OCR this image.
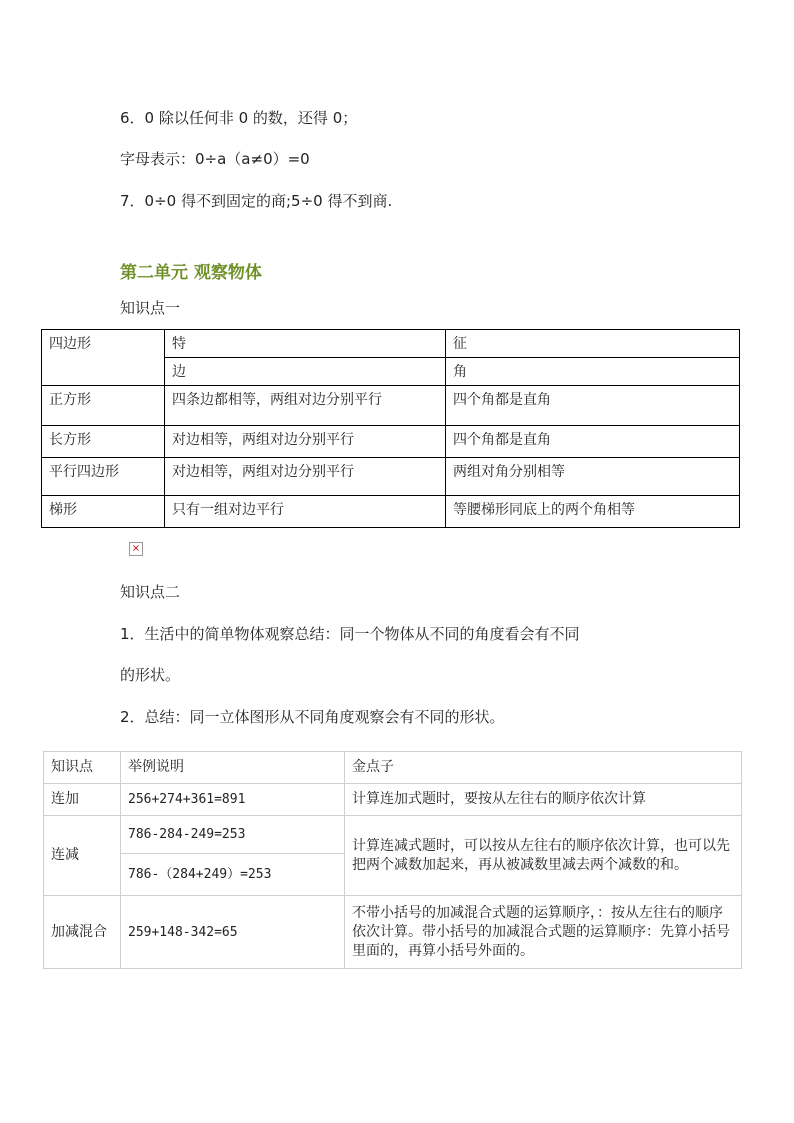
6．0 除以任何非 0 的数，还得 0；
字母表示：0÷a（a≠0）=0
7．0÷0 得不到固定的商;5÷0 得不到商.
第二单元 观察物体
知识点一
四边形	特	征
	边	角
正方形	四条边都相等，两组对边分别平行	四个角都是直角
长方形	对边相等，两组对边分别平行	四个角都是直角
平行四边形	对边相等，两组对边分别平行	两组对角分别相等
梯形	只有一组对边平行	等腰梯形同底上的两个角相等
×
知识点二
1．生活中的简单物体观察总结：同一个物体从不同的角度看会有不同
的形状。
2．总结：同一立体图形从不同角度观察会有不同的形状。
知识点	举例说明	金点子
连加	256+274+361=891	计算连加式题时，要按从左往右的顺序依次计算
连减	786-284-249=253	计算连减式题时，可以按从左往右的顺序依次计算，也可以先把两个减数加起来，再从被减数里减去两个减数的和。
	786-（284+249）=253	
加减混合	259+148-342=65	不带小括号的加减混合式题的运算顺序，：按从左往右的顺序依次计算。带小括号的加减混合式题的运算顺序：先算小括号里面的，再算小括号外面的。
